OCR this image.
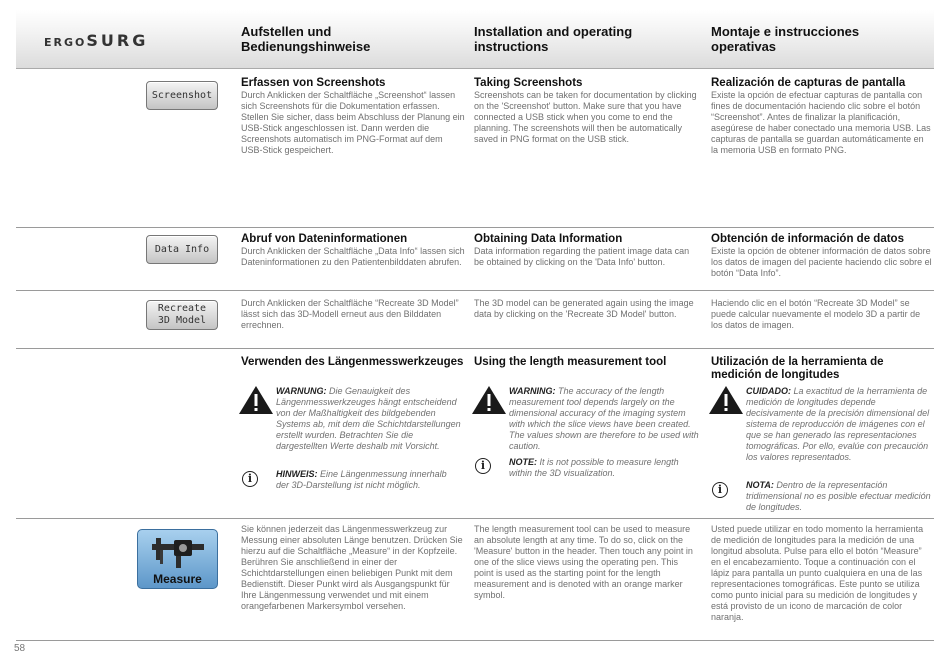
ERGOSURG	Aufstellen und Bedienungshinweise
Installation and operating instructions
Montaje e instrucciones operativas
Screenshot
Erfassen von Screenshots
Durch Anklicken der Schaltfläche „Screenshot“ lassen sich Screenshots für die Dokumentation erfassen. Stellen Sie sicher, dass beim Abschluss der Planung ein USB-Stick angeschlossen ist. Dann werden die Screenshots automatisch im PNG-Format auf dem USB-Stick gespeichert.
Taking Screenshots
Screenshots can be taken for documentation by clicking on the 'Screenshot' button. Make sure that you have connected a USB stick when you come to end the planning. The screenshots will then be automatically saved in PNG format on the USB stick.
Realización de capturas de pantalla
Existe la opción de efectuar capturas de pantalla con fines de documentación haciendo clic sobre el botón “Screenshot”. Antes de finalizar la planificación, asegúrese de haber conectado una memoria USB. Las capturas de pantalla se guardan automáticamente en la memoria USB en formato PNG.
Data Info
Abruf von Dateninformationen
Durch Anklicken der Schaltfläche „Data Info“ lassen sich Dateninformationen zu den Patientenbilddaten abrufen.
Obtaining Data Information
Data information regarding the patient image data can be obtained by clicking on the 'Data Info' button.
Obtención de información de datos
Existe la opción de obtener información de datos sobre los datos de imagen del paciente haciendo clic sobre el botón “Data Info”.
Recreate
3D Model
Durch Anklicken der Schaltfläche “Recreate 3D Model” lässt sich das 3D-Modell erneut aus den Bilddaten errechnen.
The 3D model can be generated again using the image data by clicking on the 'Recreate 3D Model' button.
Haciendo clic en el botón “Recreate 3D Model” se puede calcular nuevamente el modelo 3D a partir de los datos de imagen.
Verwenden des Längenmesswerkzeuges Using the length measurement tool	Utilización de la herramienta de medición de longitudes
WARNUNG: Die Genauigkeit des Längenmesswerkzeuges hängt entscheidend von der Maßhaltigkeit des bildgebenden Systems ab, mit dem die Schichtdarstellungen erstellt wurden. Betrachten Sie die dargestellten Werte deshalb mit Vorsicht.
WARNING: The accuracy of the length measurement tool depends largely on the dimensional accuracy of the imaging system with which the slice views have been created. The values shown are therefore to be used with caution.
CUIDADO: La exactitud de la herramienta de medición de longitudes depende decisivamente de la precisión dimensional del sistema de reproducción de imágenes con el que se han generado las representaciones tomográficas. Por ello, evalúe con precaución los valores representados.
i
i
i
HINWEIS: Eine Längenmessung innerhalb der 3D-Darstellung ist nicht möglich.
NOTE: It is not possible to measure length within the 3D visualization.
NOTA: Dentro de la representación tridimensional no es posible efectuar medición de longitudes.
Measure
Sie können jederzeit das Längenmesswerkzeug zur Messung einer absoluten Länge benutzen. Drücken Sie hierzu auf die Schaltfläche „Measure“ in der Kopfzeile. Berühren Sie anschließend in einer der Schichtdarstellungen einen beliebigen Punkt mit dem Bedienstift. Dieser Punkt wird als Ausgangspunkt für Ihre Längenmessung verwendet und mit einem orangefarbenen Markersymbol versehen.
The length measurement tool can be used to measure an absolute length at any time. To do so, click on the 'Measure' button in the header. Then touch any point in one of the slice views using the operating pen. This point is used as the starting point for the length measurement and is denoted with an orange marker symbol.
Usted puede utilizar en todo momento la herramienta de medición de longitudes para la medición de una longitud absoluta. Pulse para ello el botón “Measure” en el encabezamiento. Toque a continuación con el lápiz para pantalla un punto cualquiera en una de las representaciones tomográficas. Este punto se utiliza como punto inicial para su medición de longitudes y está provisto de un icono de marcación de color naranja.
58
